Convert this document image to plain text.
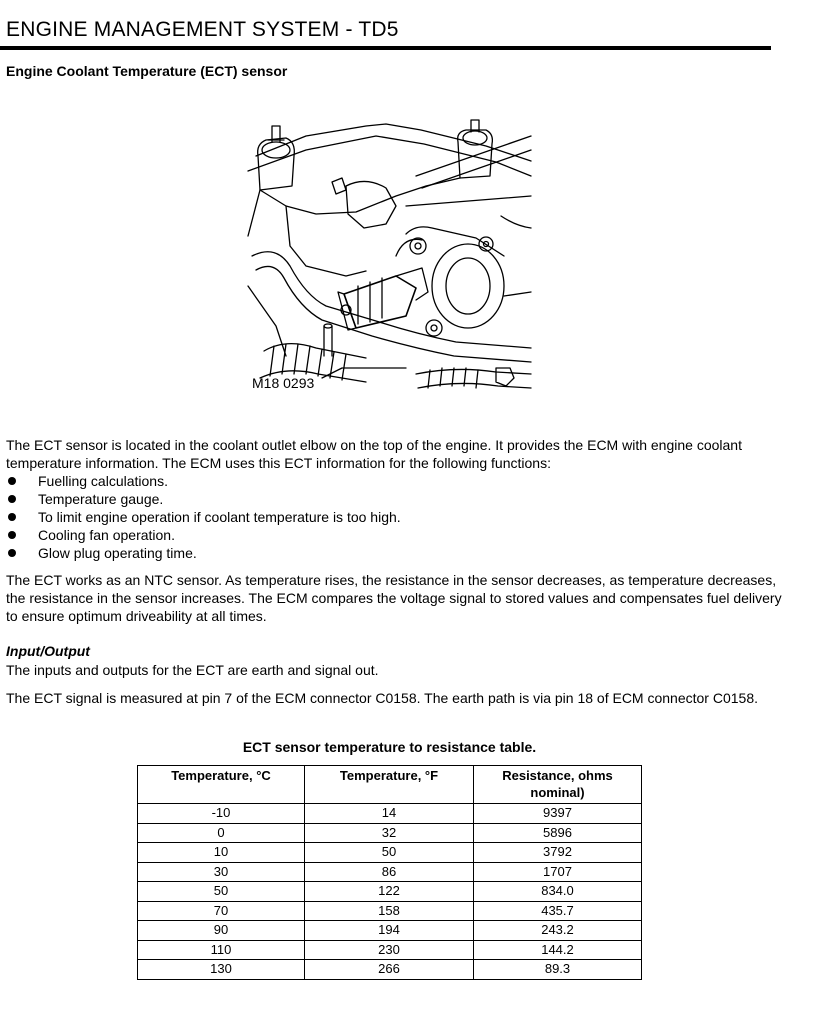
ENGINE MANAGEMENT SYSTEM - TD5
Engine Coolant Temperature (ECT) sensor
M18 0293
The ECT sensor is located in the coolant outlet elbow on the top of the engine. It provides the ECM with engine coolant temperature information. The ECM uses this ECT information for the following functions:
Fuelling calculations.
Temperature gauge.
To limit engine operation if coolant temperature is too high.
Cooling fan operation.
Glow plug operating time.
The ECT works as an NTC sensor. As temperature rises, the resistance in the sensor decreases, as temperature decreases, the resistance in the sensor increases. The ECM compares the voltage signal to stored values and compensates fuel delivery to ensure optimum driveability at all times.
Input/Output
The inputs and outputs for the ECT are earth and signal out.
The ECT signal is measured at pin 7 of the ECM connector C0158. The earth path is via pin 18 of ECM connector C0158.
ECT sensor temperature to resistance table.
Temperature, °C	Temperature, °F	Resistance, ohms nominal)

-10	14	9397
0	32	5896
10	50	3792
30	86	1707
50	122	834.0
70	158	435.7
90	194	243.2
110	230	144.2
130	266	89.3
